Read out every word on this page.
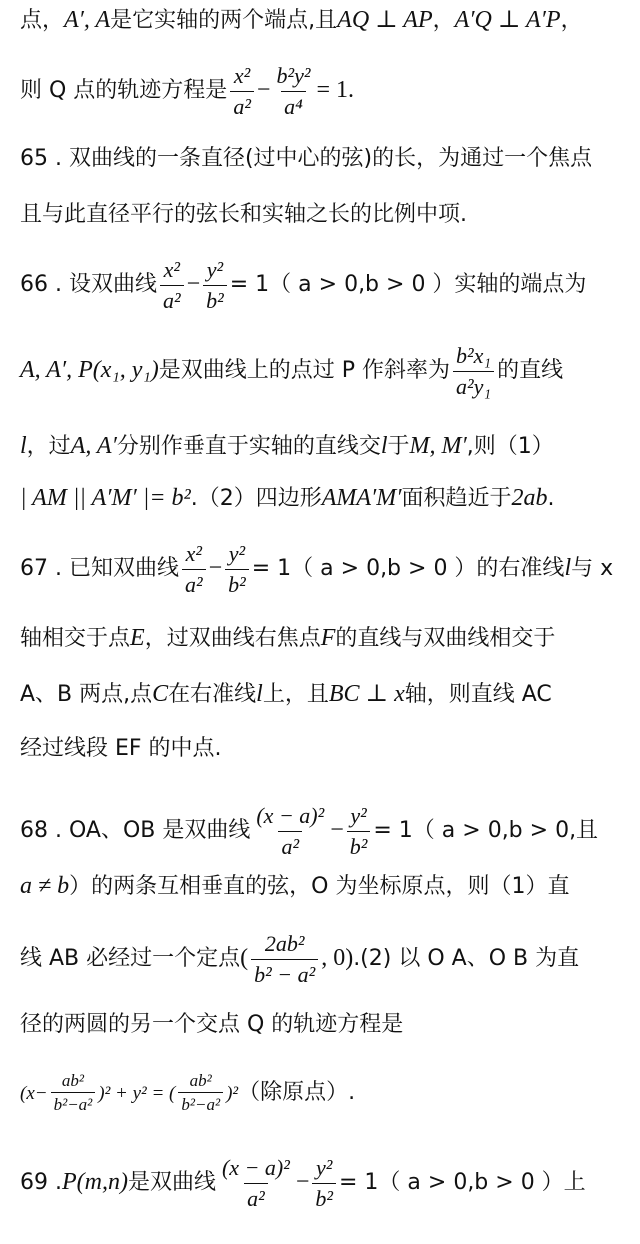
点，A′, A是它实轴的两个端点,且AQ ⊥ AP，A′Q ⊥ A′P，
则 Q 点的轨迹方程是 $\frac{\text{x²}}{\text{a²}} - \frac{\text{b²y²}}{\text{a⁴}} = 1$.
65 . 双曲线的一条直径(过中心的弦)的长，为通过一个焦点
且与此直径平行的弦长和实轴之长的比例中项.
66 . 设双曲线 $\frac{\text{x²}}{\text{a²}} - \frac{\text{y²}}{\text{b²}} = 1$（ a > 0,b > 0 ）实轴的端点为
A, A′, P(x₁, y₁)是双曲线上的点过 P 作斜率为 $\frac{\text{b²x₁}}{\text{a²y₁}}$ 的直线
l，过A, A′分别作垂直于实轴的直线交l于M, M′,则（1）
| AM || A′M′ |= b².（2）四边形AMA′M′面积趋近于2ab.
67 . 已知双曲线 $\frac{\text{x²}}{\text{a²}} - \frac{\text{y²}}{\text{b²}} = 1$（ a > 0,b > 0 ）的右准线l与 x
轴相交于点E，过双曲线右焦点F的直线与双曲线相交于
A、B 两点,点C在右准线l上，且BC ⊥ x轴，则直线 AC
经过线段 EF 的中点.
68 . OA、OB 是双曲线 $\frac{\text{(x − a)²}}{\text{a²}} - \frac{\text{y²}}{\text{b²}} = 1$（ a > 0,b > 0,且
a ≠ b）的两条互相垂直的弦，O 为坐标原点，则（1）直
线 AB 必经过一个定点( $\frac{\text{2ab²}}{\text{b² − a²}}$ , 0).(2) 以 O A、O B 为直
径的两圆的另一个交点 Q 的轨迹方程是
$(x- \frac{\text{ab²}}{\text{b²−a²}} )^2 + y^2$ = ( $\frac{\text{ab²}}{\text{b²−a²}} )^2$（除原点）.
69 .P(m,n)是双曲线 $\frac{\text{(x − a)²}}{\text{a²}} - \frac{\text{y²}}{\text{b²}} = 1$（ a > 0,b > 0 ）上
